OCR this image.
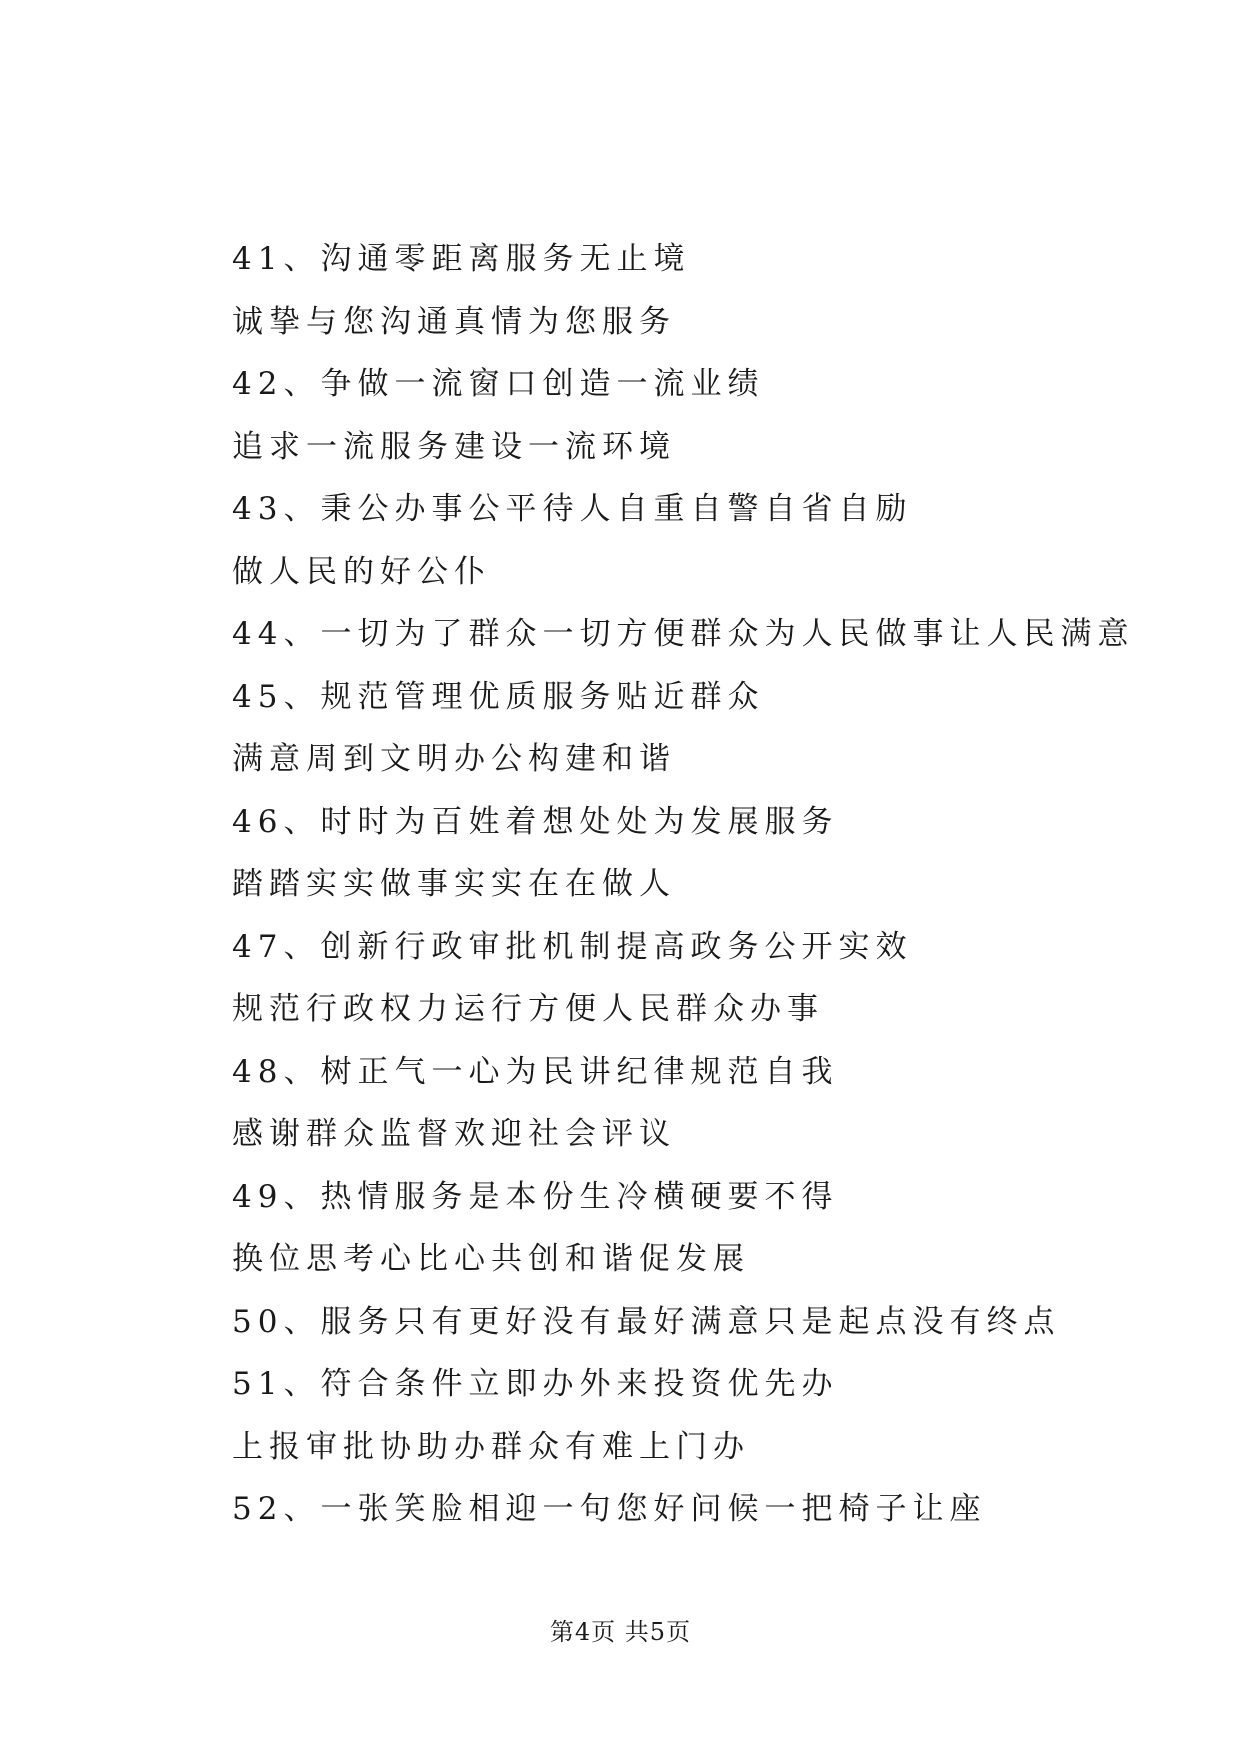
41、沟通零距离服务无止境
诚挚与您沟通真情为您服务
42、争做一流窗口创造一流业绩
追求一流服务建设一流环境
43、秉公办事公平待人自重自警自省自励
做人民的好公仆
44、一切为了群众一切方便群众为人民做事让人民满意
45、规范管理优质服务贴近群众
满意周到文明办公构建和谐
46、时时为百姓着想处处为发展服务
踏踏实实做事实实在在做人
47、创新行政审批机制提高政务公开实效
规范行政权力运行方便人民群众办事
48、树正气一心为民讲纪律规范自我
感谢群众监督欢迎社会评议
49、热情服务是本份生冷横硬要不得
换位思考心比心共创和谐促发展
50、服务只有更好没有最好满意只是起点没有终点
51、符合条件立即办外来投资优先办
上报审批协助办群众有难上门办
52、一张笑脸相迎一句您好问候一把椅子让座
第4页 共5页
